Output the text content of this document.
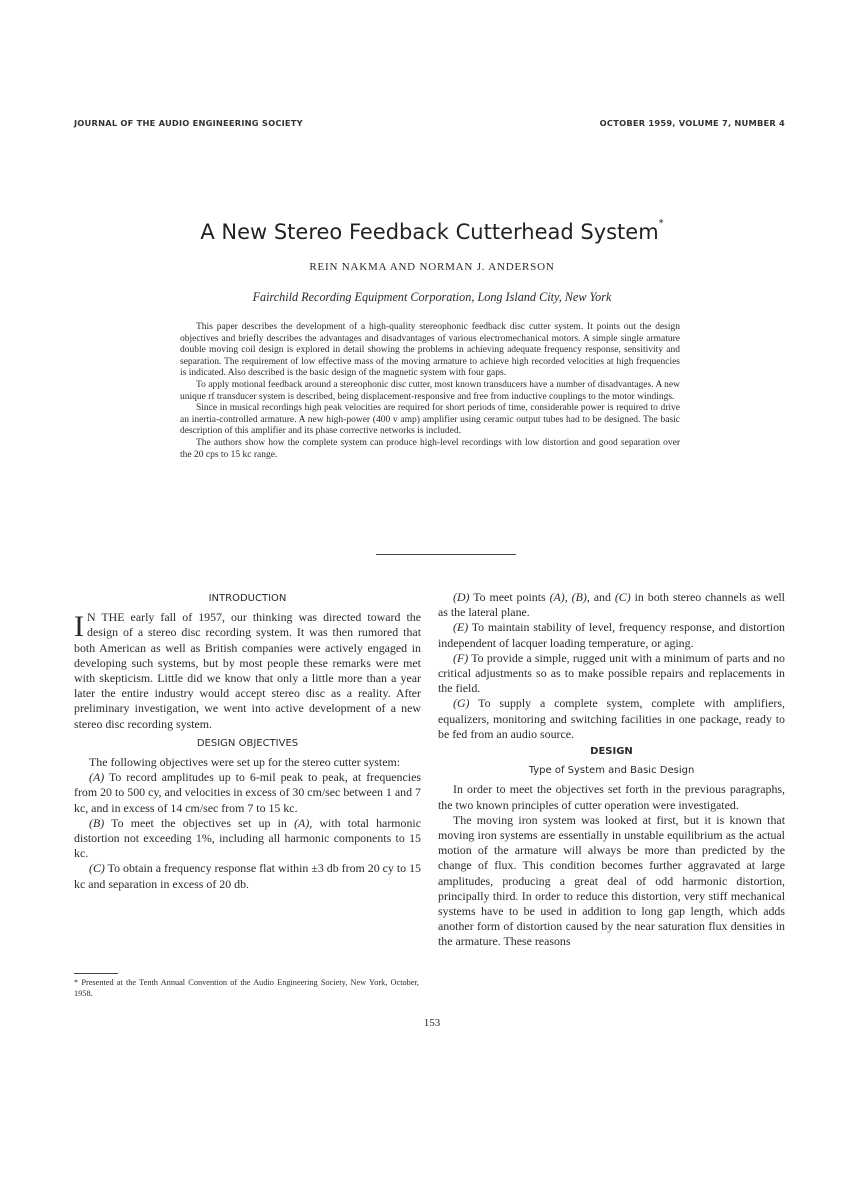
JOURNAL OF THE AUDIO ENGINEERING SOCIETY	OCTOBER 1959, VOLUME 7, NUMBER 4
A New Stereo Feedback Cutterhead System*
REIN NAKMA AND NORMAN J. ANDERSON
Fairchild Recording Equipment Corporation, Long Island City, New York

This paper describes the development of a high-quality stereophonic feedback disc cutter system. It points out the design objectives and briefly describes the advantages and disadvantages of various electromechanical motors. A simple single armature double moving coil design is explored in detail showing the problems in achieving adequate frequency response, sensitivity and separation. The requirement of low effective mass of the moving armature to achieve high recorded velocities at high frequencies is indicated. Also described is the basic design of the magnetic system with four gaps.

To apply motional feedback around a stereophonic disc cutter, most known transducers have a number of disadvantages. A new unique rf transducer system is described, being displacement-responsive and free from inductive couplings to the motor windings.

Since in musical recordings high peak velocities are required for short periods of time, considerable power is required to drive an inertia-controlled armature. A new high-power (400 v amp) amplifier using ceramic output tubes had to be designed. The basic description of this amplifier and its phase corrective networks is included.

The authors show how the complete system can produce high-level recordings with low distortion and good separation over the 20 cps to 15 kc range.

INTRODUCTION

I N THE early fall of 1957, our thinking was directed toward the design of a stereo disc recording system. It was then rumored that both American as well as British companies were actively engaged in developing such systems, but by most people these remarks were met with skepticism. Little did we know that only a little more than a year later the entire industry would accept stereo disc as a reality. After preliminary investigation, we went into active development of a new stereo disc recording system.

DESIGN OBJECTIVES

The following objectives were set up for the stereo cutter system:

(A) To record amplitudes up to 6-mil peak to peak, at frequencies from 20 to 500 cy, and velocities in excess of 30 cm/sec between 1 and 7 kc, and in excess of 14 cm/sec from 7 to 15 kc.

(B) To meet the objectives set up in (A), with total harmonic distortion not exceeding 1%, including all harmonic components to 15 kc.

(C) To obtain a frequency response flat within ±3 db from 20 cy to 15 kc and separation in excess of 20 db.

* Presented at the Tenth Annual Convention of the Audio Engineering Society, New York, October, 1958.

(D) To meet points (A), (B), and (C) in both stereo channels as well as the lateral plane.

(E) To maintain stability of level, frequency response, and distortion independent of lacquer loading temperature, or aging.

(F) To provide a simple, rugged unit with a minimum of parts and no critical adjustments so as to make possible repairs and replacements in the field.

(G) To supply a complete system, complete with amplifiers, equalizers, monitoring and switching facilities in one package, ready to be fed from an audio source.

DESIGN
Type of System and Basic Design

In order to meet the objectives set forth in the previous paragraphs, the two known principles of cutter operation were investigated.

The moving iron system was looked at first, but it is known that moving iron systems are essentially in unstable equilibrium as the actual motion of the armature will always be more than predicted by the change of flux. This condition becomes further aggravated at large amplitudes, producing a great deal of odd harmonic distortion, principally third. In order to reduce this distortion, very stiff mechanical systems have to be used in addition to long gap length, which adds another form of distortion caused by the near saturation flux densities in the armature. These reasons

153
